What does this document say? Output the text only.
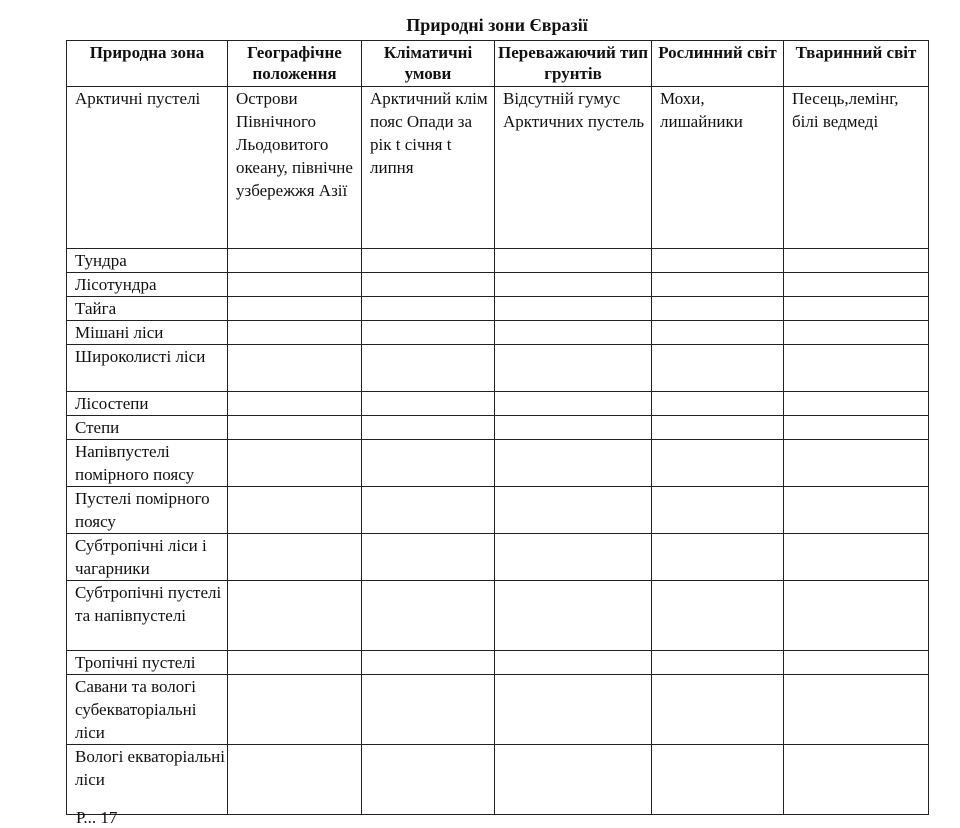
Природні зони Євразії
Природна зона	Географічне положення	Кліматичні умови	Переважаючий тип грунтів	Рослинний світ	Тваринний світ
Арктичні пустелі	Острови Північного Льодовитого океану, північне узбережжя Азії	Арктичний клім пояс Опади за рік t січня t липня	Відсутній гумус Арктичних пустель	Мохи, лишайники	Песець,лемінг, білі ведмеді
Тундра					
Лісотундра					
Тайга					
Мішані ліси					
Широколисті ліси					
Лісостепи					
Степи					
Напівпустелі помірного поясу					
Пустелі помірного поясу					
Субтропічні ліси і чагарники					
Субтропічні пустелі та напівпустелі					
Тропічні пустелі					
Савани та вологі субекваторіальні ліси					
Вологі екваторіальні ліси					
Р... 17
